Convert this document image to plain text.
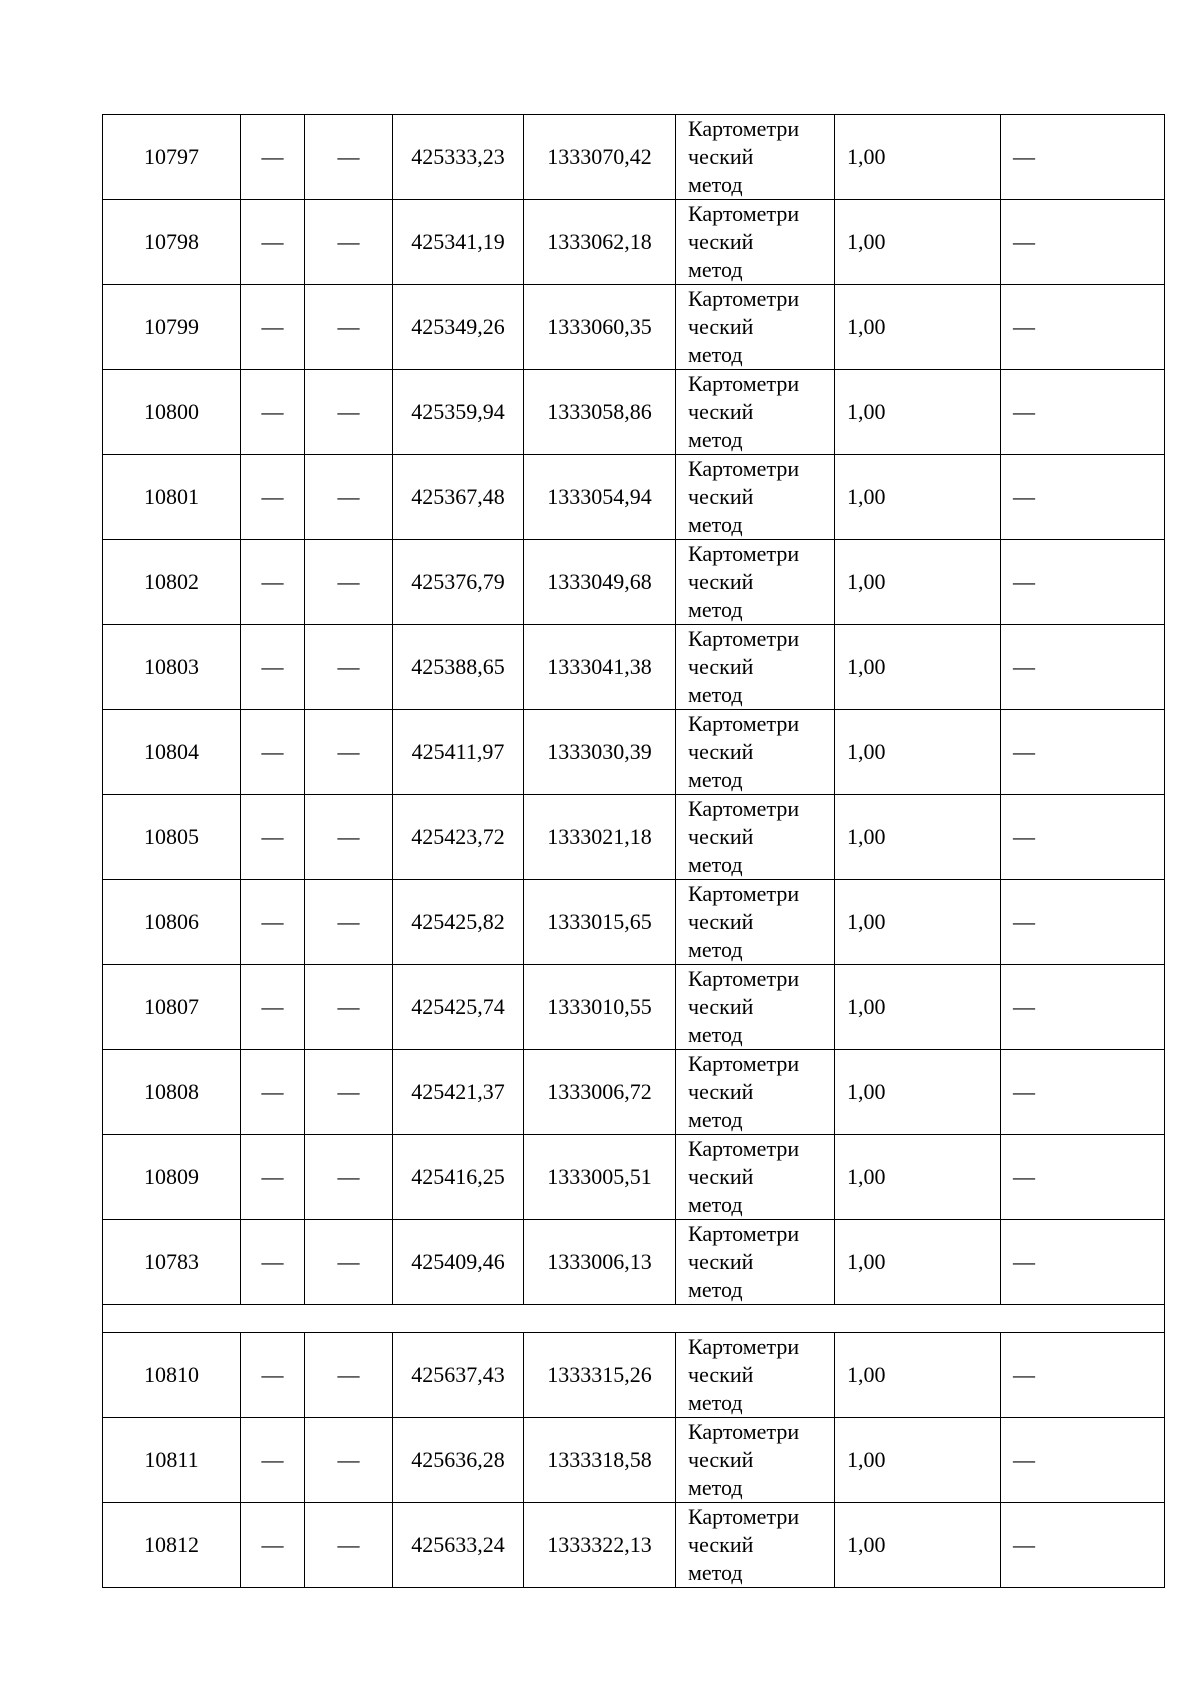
10797	—	—	425333,23	1333070,42	Картометри
ческий
метод	1,00	—
10798	—	—	425341,19	1333062,18	Картометри
ческий
метод	1,00	—
10799	—	—	425349,26	1333060,35	Картометри
ческий
метод	1,00	—
10800	—	—	425359,94	1333058,86	Картометри
ческий
метод	1,00	—
10801	—	—	425367,48	1333054,94	Картометри
ческий
метод	1,00	—
10802	—	—	425376,79	1333049,68	Картометри
ческий
метод	1,00	—
10803	—	—	425388,65	1333041,38	Картометри
ческий
метод	1,00	—
10804	—	—	425411,97	1333030,39	Картометри
ческий
метод	1,00	—
10805	—	—	425423,72	1333021,18	Картометри
ческий
метод	1,00	—
10806	—	—	425425,82	1333015,65	Картометри
ческий
метод	1,00	—
10807	—	—	425425,74	1333010,55	Картометри
ческий
метод	1,00	—
10808	—	—	425421,37	1333006,72	Картометри
ческий
метод	1,00	—
10809	—	—	425416,25	1333005,51	Картометри
ческий
метод	1,00	—
10783	—	—	425409,46	1333006,13	Картометри
ческий
метод	1,00	—

10810	—	—	425637,43	1333315,26	Картометри
ческий
метод	1,00	—
10811	—	—	425636,28	1333318,58	Картометри
ческий
метод	1,00	—
10812	—	—	425633,24	1333322,13	Картометри
ческий
метод	1,00	—
